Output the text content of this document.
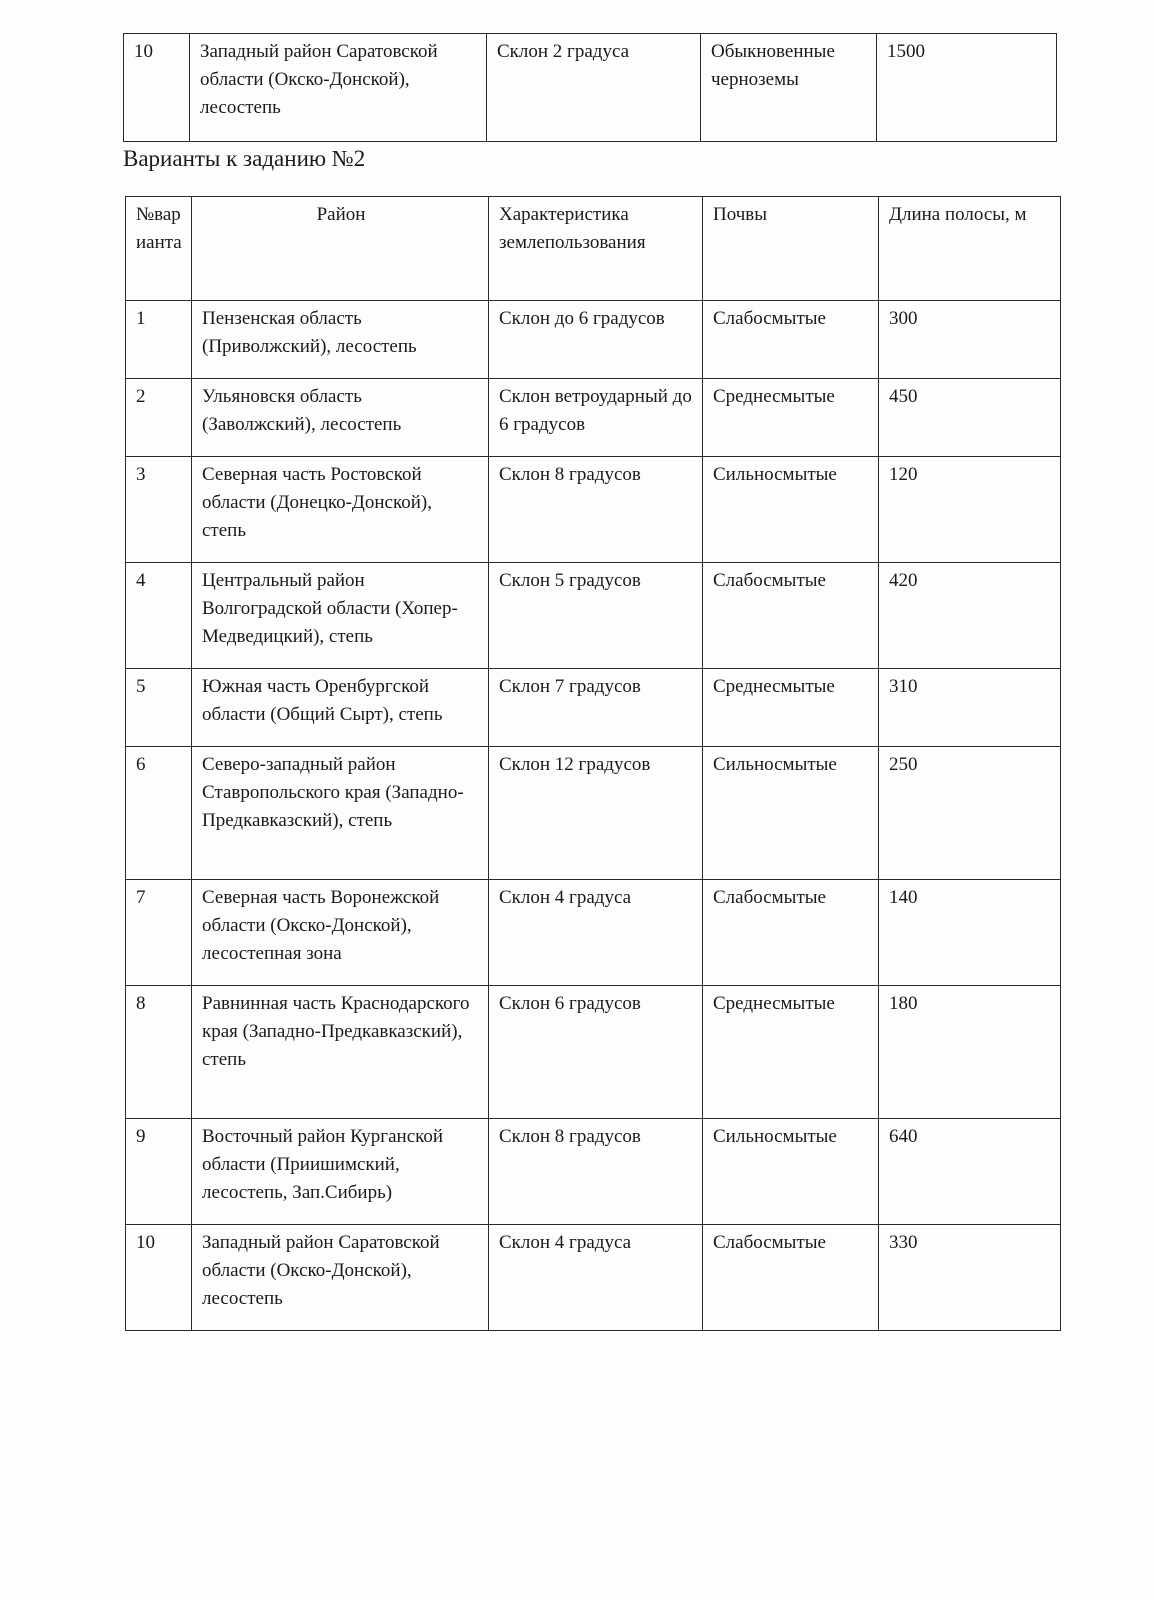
10	Западный район Саратовской области (Окско-Донской), лесостепь	Склон 2 градуса	Обыкновенные черноземы	1500
Варианты к заданию №2
№варианта	Район	Характеристика землепользования	Почвы	Длина полосы, м
1	Пензенская область (Приволжский), лесостепь	Склон до 6 градусов	Слабосмытые	300
2	Ульяновскя область (Заволжский), лесостепь	Склон ветроударный до 6 градусов	Среднесмытые	450
3	Северная часть Ростовской области (Донецко-Донской), степь	Склон 8 градусов	Сильносмытые	120
4	Центральный район Волгоградской области (Хопер-Медведицкий), степь	Склон 5 градусов	Слабосмытые	420
5	Южная часть Оренбургской области (Общий Сырт), степь	Склон 7 градусов	Среднесмытые	310
6	Северо-западный район Ставропольского края (Западно-Предкавказский), степь	Склон 12 градусов	Сильносмытые	250
7	Северная часть Воронежской области (Окско-Донской), лесостепная зона	Склон 4 градуса	Слабосмытые	140
8	Равнинная часть Краснодарского края (Западно-Предкавказский), степь	Склон 6 градусов	Среднесмытые	180
9	Восточный район Курганской области (Приишимский, лесостепь, Зап.Сибирь)	Склон 8 градусов	Сильносмытые	640
10	Западный район Саратовской области (Окско-Донской), лесостепь	Склон 4 градуса	Слабосмытые	330
